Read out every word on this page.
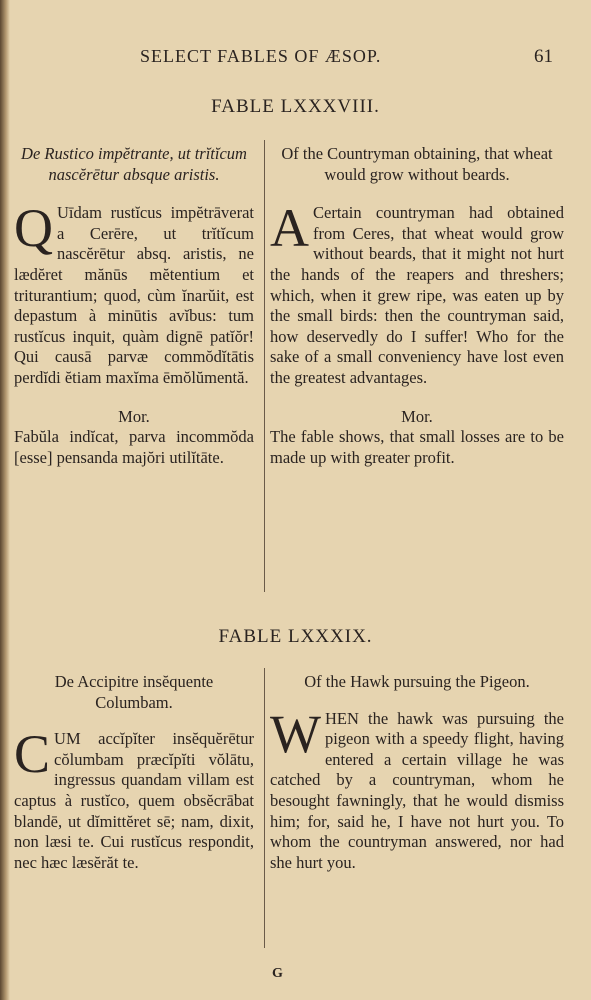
SELECT FABLES OF ÆSOP.	61
FABLE LXXXVIII.

De Rustico impĕtrante, ut trĭtĭcum nascĕrētur absque aristis.

Q Uīdam rustĭcus impĕtrāverat a Cerēre, ut trĭtĭcum nascĕrētur absq. aristis, ne lædĕret mănūs mĕtentium et triturantium; quod, cùm ĭnarŭit, est depastum à minūtis avĭbus: tum rustĭcus inquit, quàm dignē patĭŏr! Qui causā parvæ commŏdĭtātis perdĭdi ĕtiam maxĭma ēmŏlŭmentă.

Mor.

Fabŭla indĭcat, parva incommŏda [esse] pensanda majŏri utilĭtāte.

Of the Countryman obtaining, that wheat would grow without beards.

A Certain countryman had obtained from Ceres, that wheat would grow without beards, that it might not hurt the hands of the reapers and threshers; which, when it grew ripe, was eaten up by the small birds: then the countryman said, how deservedly do I suffer! Who for the sake of a small conveniency have lost even the greatest advantages.

Mor.

The fable shows, that small losses are to be made up with greater profit.

FABLE LXXXIX.

De Accipitre insĕquente Columbam.

CUM accĭpĭter insĕquĕrētur cŏlumbam præcĭpĭti vŏlātu, ingressus quandam villam est captus à rustĭco, quem obsĕcrābat blandē, ut dĭmittĕret sē; nam, dixit, non læsi te. Cui rustĭcus respondit, nec hæc læsĕrăt te.

Of the Hawk pursuing the Pigeon.

WHEN the hawk was pursuing the pigeon with a speedy flight, having entered a certain village he was catched by a countryman, whom he besought fawningly, that he would dismiss him; for, said he, I have not hurt you. To whom the countryman answered, nor had she hurt you.

G
